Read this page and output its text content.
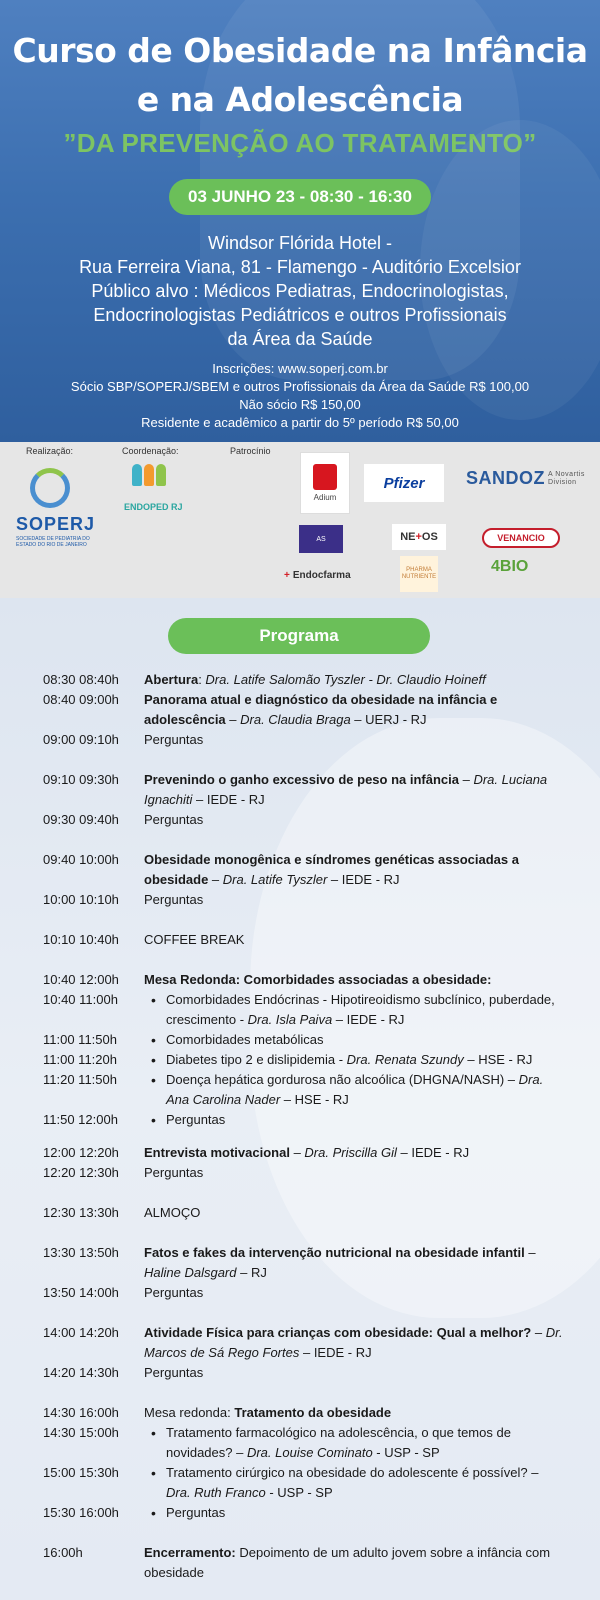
Curso de Obesidade na Infância
e na Adolescência
”DA PREVENÇÃO AO TRATAMENTO”
03 JUNHO 23 - 08:30 - 16:30
Windsor Flórida Hotel -
Rua Ferreira Viana, 81 - Flamengo - Auditório Excelsior
Público alvo : Médicos Pediatras, Endocrinologistas,
Endocrinologistas Pediátricos e outros Profissionais
da Área da Saúde
Inscrições: www.soperj.com.br
Sócio SBP/SOPERJ/SBEM e outros Profissionais da Área da Saúde R$ 100,00
Não sócio R$ 150,00
Residente e acadêmico a partir do 5º período R$ 50,00
Realização:	Coordenação:	Patrocínio
SOPERJ
SOCIEDADE DE PEDIATRIA DO ESTADO DO RIO DE JANEIRO
ENDOPED RJ
Adium
Pfizer	SANDOZ A Novartis Division
AS	NE + OS	VENANCIO
+ Endocfarma	PHARMA NUTRIENTE
4BIO
Programa
08:30 08:40h Abertura: Dra. Latife Salomão Tyszler - Dr. Claudio Hoineff
08:40 09:00h Panorama atual e diagnóstico da obesidade na infância e adolescência – Dra. Claudia Braga – UERJ - RJ
09:00 09:10h Perguntas
09:10 09:30h Prevenindo o ganho excessivo de peso na infância – Dra. Luciana Ignachiti – IEDE - RJ
09:30 09:40h Perguntas
09:40 10:00h Obesidade monogênica e síndromes genéticas associadas a obesidade – Dra. Latife Tyszler – IEDE - RJ
10:00 10:10h Perguntas
10:10 10:40h COFFEE BREAK
10:40 12:00h Mesa Redonda: Comorbidades associadas a obesidade:
10:40 11:00h	• Comorbidades Endócrinas - Hipotireoidismo subclínico, puberdade, crescimento - Dra. Isla Paiva – IEDE - RJ
11:00 11:50h	• Comorbidades metabólicas
11:00 11:20h	• Diabetes tipo 2 e dislipidemia - Dra. Renata Szundy – HSE - RJ
11:20 11:50h	• Doença hepática gordurosa não alcoólica (DHGNA/NASH) – Dra. Ana Carolina Nader – HSE - RJ
11:50 12:00h	• Perguntas
12:00 12:20h Entrevista motivacional – Dra. Priscilla Gil – IEDE - RJ
12:20 12:30h Perguntas
12:30 13:30h ALMOÇO
13:30 13:50h Fatos e fakes da intervenção nutricional na obesidade infantil – Haline Dalsgard – RJ
13:50 14:00h Perguntas
14:00 14:20h Atividade Física para crianças com obesidade: Qual a melhor? – Dr. Marcos de Sá Rego Fortes – IEDE - RJ
14:20 14:30h Perguntas
14:30 16:00h Mesa redonda: Tratamento da obesidade
14:30 15:00h	• Tratamento farmacológico na adolescência, o que temos de novidades? – Dra. Louise Cominato - USP - SP
15:00 15:30h	• Tratamento cirúrgico na obesidade do adolescente é possível? – Dra. Ruth Franco - USP - SP
15:30 16:00h	• Perguntas
16:00h	Encerramento: Depoimento de um adulto jovem sobre a infância com obesidade
